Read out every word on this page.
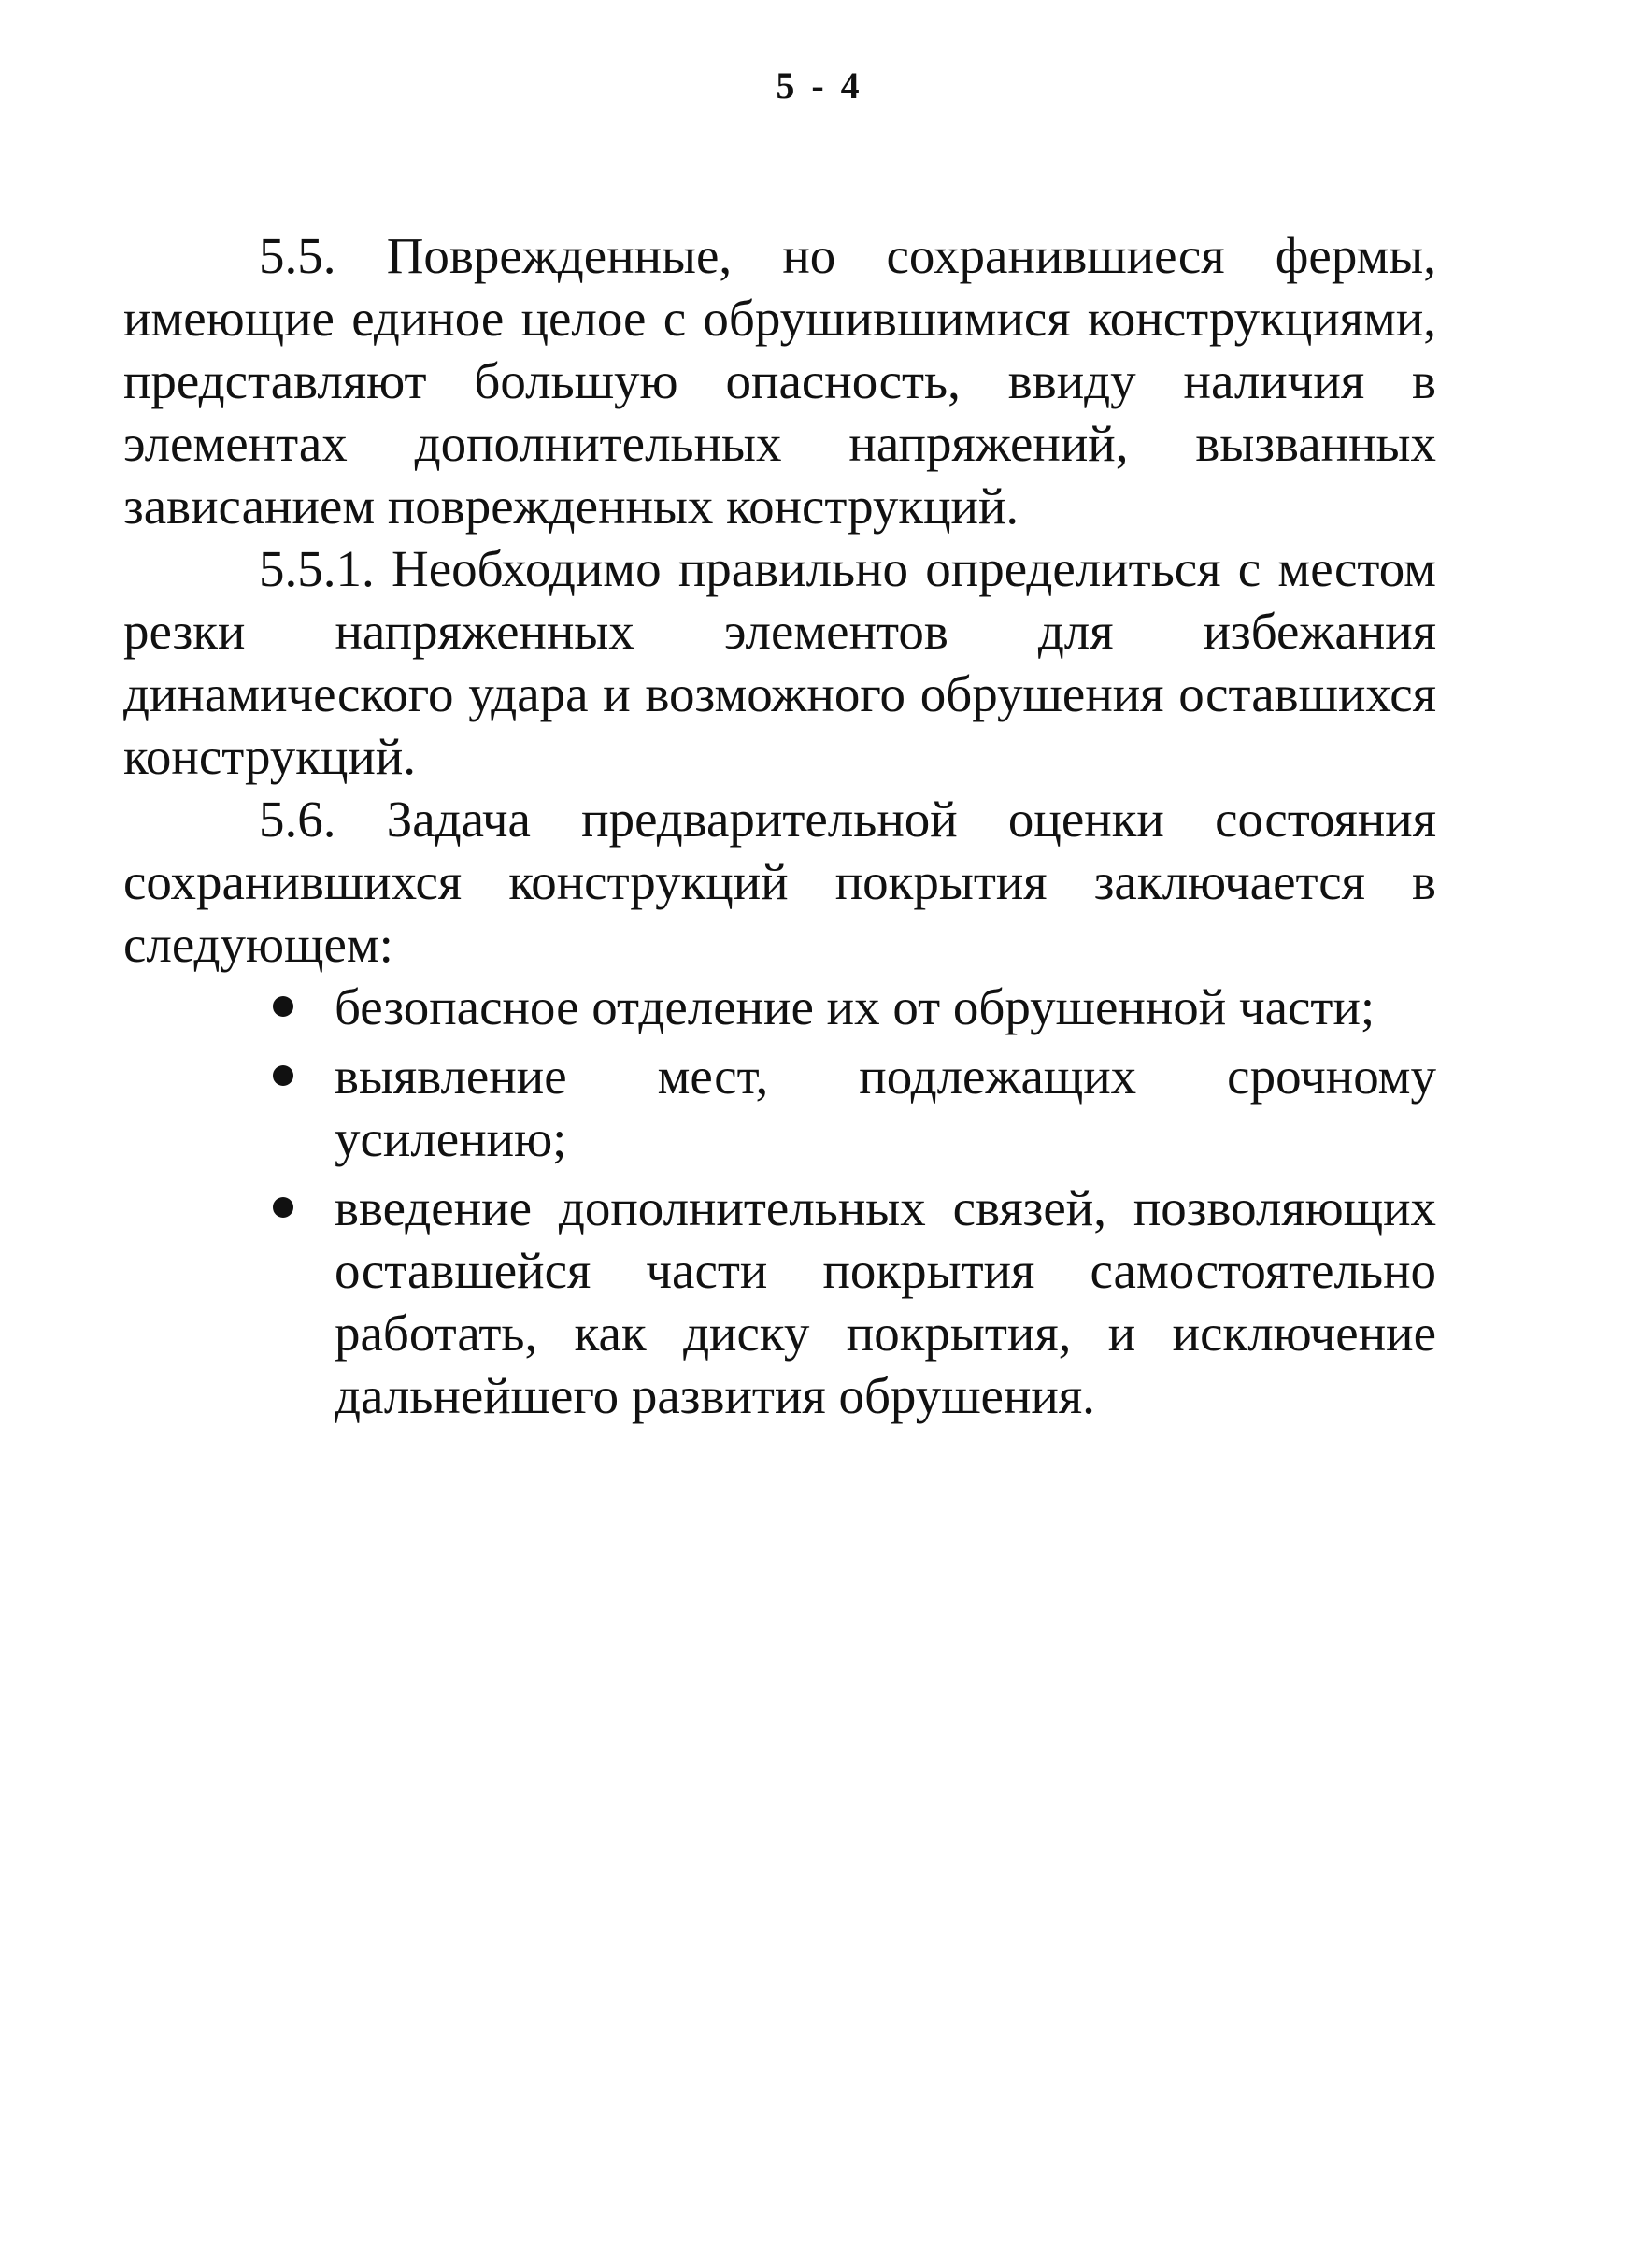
5 - 4

5.5. Поврежденные, но сохранившиеся фермы, имеющие единое целое с обрушившимися конструкциями, представляют большую опасность, ввиду наличия в элементах дополнительных напряжений, вызванных зависанием поврежденных конструкций.

5.5.1. Необходимо правильно определиться с местом резки напряженных элементов для избежания динамического удара и возможного обрушения оставшихся конструкций.

5.6. Задача предварительной оценки состояния сохранившихся конструкций покрытия заключается в следующем:

безопасное отделение их от обрушенной части;
выявление мест, подлежащих срочному усилению;
введение дополнительных связей, позволяющих оставшейся части покрытия самостоятельно работать, как диску покрытия, и исключение дальнейшего развития обрушения.
